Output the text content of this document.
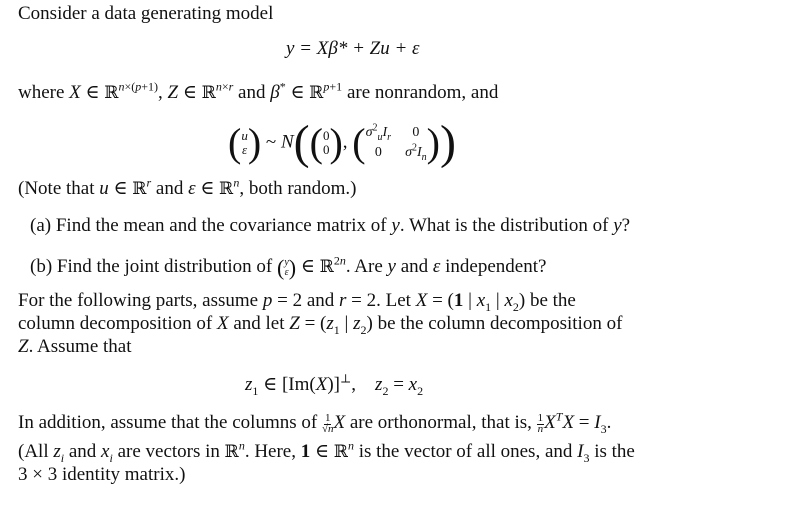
Consider a data generating model
y = Xβ* + Zu + ε
where X ∈ ℝ$^{n\times(p+1)}$, Z ∈ ℝ$^{n\times r}$ and β* ∈ ℝ$^{p+1}$ are nonrandom, and
(u
ε) ~ N((0
0), ( $\sigma^2_uI_r$	0
0	$\sigma^2I_n$ ))
(Note that u ∈ ℝ$^r$ and ε ∈ ℝ$^n$, both random.)
(a) Find the mean and the covariance matrix of y. What is the distribution of y?
(b) Find the joint distribution of (y
ε) ∈ ℝ$^{2n}$. Are y and ε independent?
For the following parts, assume p = 2 and r = 2. Let X = (1 | $x_1$ | $x_2$) be the
column decomposition of X and let $Z = (z_1$ | $z_2$) be the column decomposition of
Z. Assume that
$z_1$ ∈ [Im(X)]⊥,    $z_2 = x_2$
In addition, assume that the columns of $\frac{1}{√n}X$ are orthonormal, that is, $\frac{1}{n}X^TX = I_3$.
(All $z_i$ and $x_i$ are vectors in ℝ$^n$. Here, 1 ∈ ℝ$^n$ is the vector of all ones, and $I_3$ is the
3 × 3 identity matrix.)
